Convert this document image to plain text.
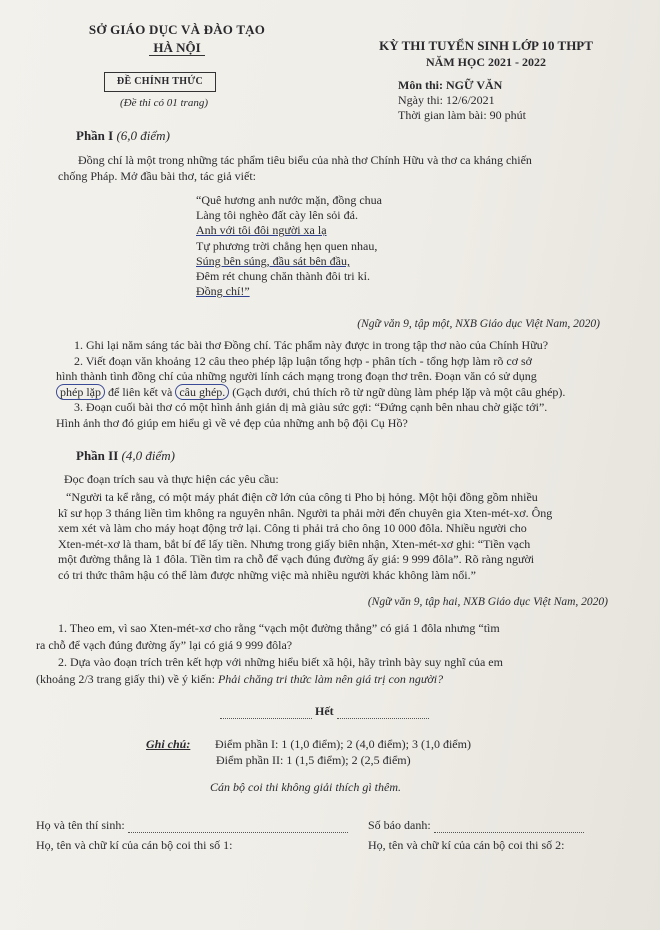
SỞ GIÁO DỤC VÀ ĐÀO TẠO
HÀ NỘI
ĐỀ CHÍNH THỨC
(Đề thi có 01 trang)
KỲ THI TUYỂN SINH LỚP 10 THPT
NĂM HỌC 2021 - 2022
Môn thi: NGỮ VĂN
Ngày thi: 12/6/2021
Thời gian làm bài: 90 phút
Phần I (6,0 điểm)
Đồng chí là một trong những tác phẩm tiêu biểu của nhà thơ Chính Hữu và thơ ca kháng chiến
chống Pháp. Mở đầu bài thơ, tác giả viết:
“Quê hương anh nước mặn, đồng chua
Làng tôi nghèo đất cày lên sỏi đá.
Anh với tôi đôi người xa lạ
Tự phương trời chẳng hẹn quen nhau,
Súng bên súng, đầu sát bên đầu,
Đêm rét chung chăn thành đôi tri kỉ.
Đồng chí!”
(Ngữ văn 9, tập một, NXB Giáo dục Việt Nam, 2020)
1. Ghi lại năm sáng tác bài thơ Đồng chí. Tác phẩm này được in trong tập thơ nào của Chính Hữu?
2. Viết đoạn văn khoảng 12 câu theo phép lập luận tổng hợp - phân tích - tổng hợp làm rõ cơ sở
hình thành tình đồng chí của những người lính cách mạng trong đoạn thơ trên. Đoạn văn có sử dụng
phép lặp để liên kết và câu ghép. (Gạch dưới, chú thích rõ từ ngữ dùng làm phép lặp và một câu ghép).
3. Đoạn cuối bài thơ có một hình ảnh giản dị mà giàu sức gợi: “Đứng cạnh bên nhau chờ giặc tới”.
Hình ảnh thơ đó giúp em hiểu gì về vẻ đẹp của những anh bộ đội Cụ Hồ?
Phần II (4,0 điểm)
Đọc đoạn trích sau và thực hiện các yêu cầu:
“Người ta kể rằng, có một máy phát điện cỡ lớn của công ti Pho bị hỏng. Một hội đồng gồm nhiều
kĩ sư họp 3 tháng liền tìm không ra nguyên nhân. Người ta phải mời đến chuyên gia Xten-mét-xơ. Ông
xem xét và làm cho máy hoạt động trở lại. Công ti phải trả cho ông 10 000 đôla. Nhiều người cho
Xten-mét-xơ là tham, bắt bí để lấy tiền. Nhưng trong giấy biên nhận, Xten-mét-xơ ghi: “Tiền vạch
một đường thẳng là 1 đôla. Tiền tìm ra chỗ để vạch đúng đường ấy giá: 9 999 đôla”. Rõ ràng người
có tri thức thâm hậu có thể làm được những việc mà nhiều người khác không làm nổi.”
(Ngữ văn 9, tập hai, NXB Giáo dục Việt Nam, 2020)
1. Theo em, vì sao Xten-mét-xơ cho rằng “vạch một đường thẳng” có giá 1 đôla nhưng “tìm
ra chỗ để vạch đúng đường ấy” lại có giá 9 999 đôla?
2. Dựa vào đoạn trích trên kết hợp với những hiểu biết xã hội, hãy trình bày suy nghĩ của em
(khoảng 2/3 trang giấy thi) về ý kiến: Phải chăng tri thức làm nên giá trị con người?
Hết
Ghi chú: Điểm phần I: 1 (1,0 điểm); 2 (4,0 điểm); 3 (1,0 điểm)
Điểm phần II: 1 (1,5 điểm); 2 (2,5 điểm)
Cán bộ coi thi không giải thích gì thêm.
Họ và tên thí sinh:	Số báo danh:
Họ, tên và chữ kí của cán bộ coi thi số 1:	Họ, tên và chữ kí của cán bộ coi thi số 2:
